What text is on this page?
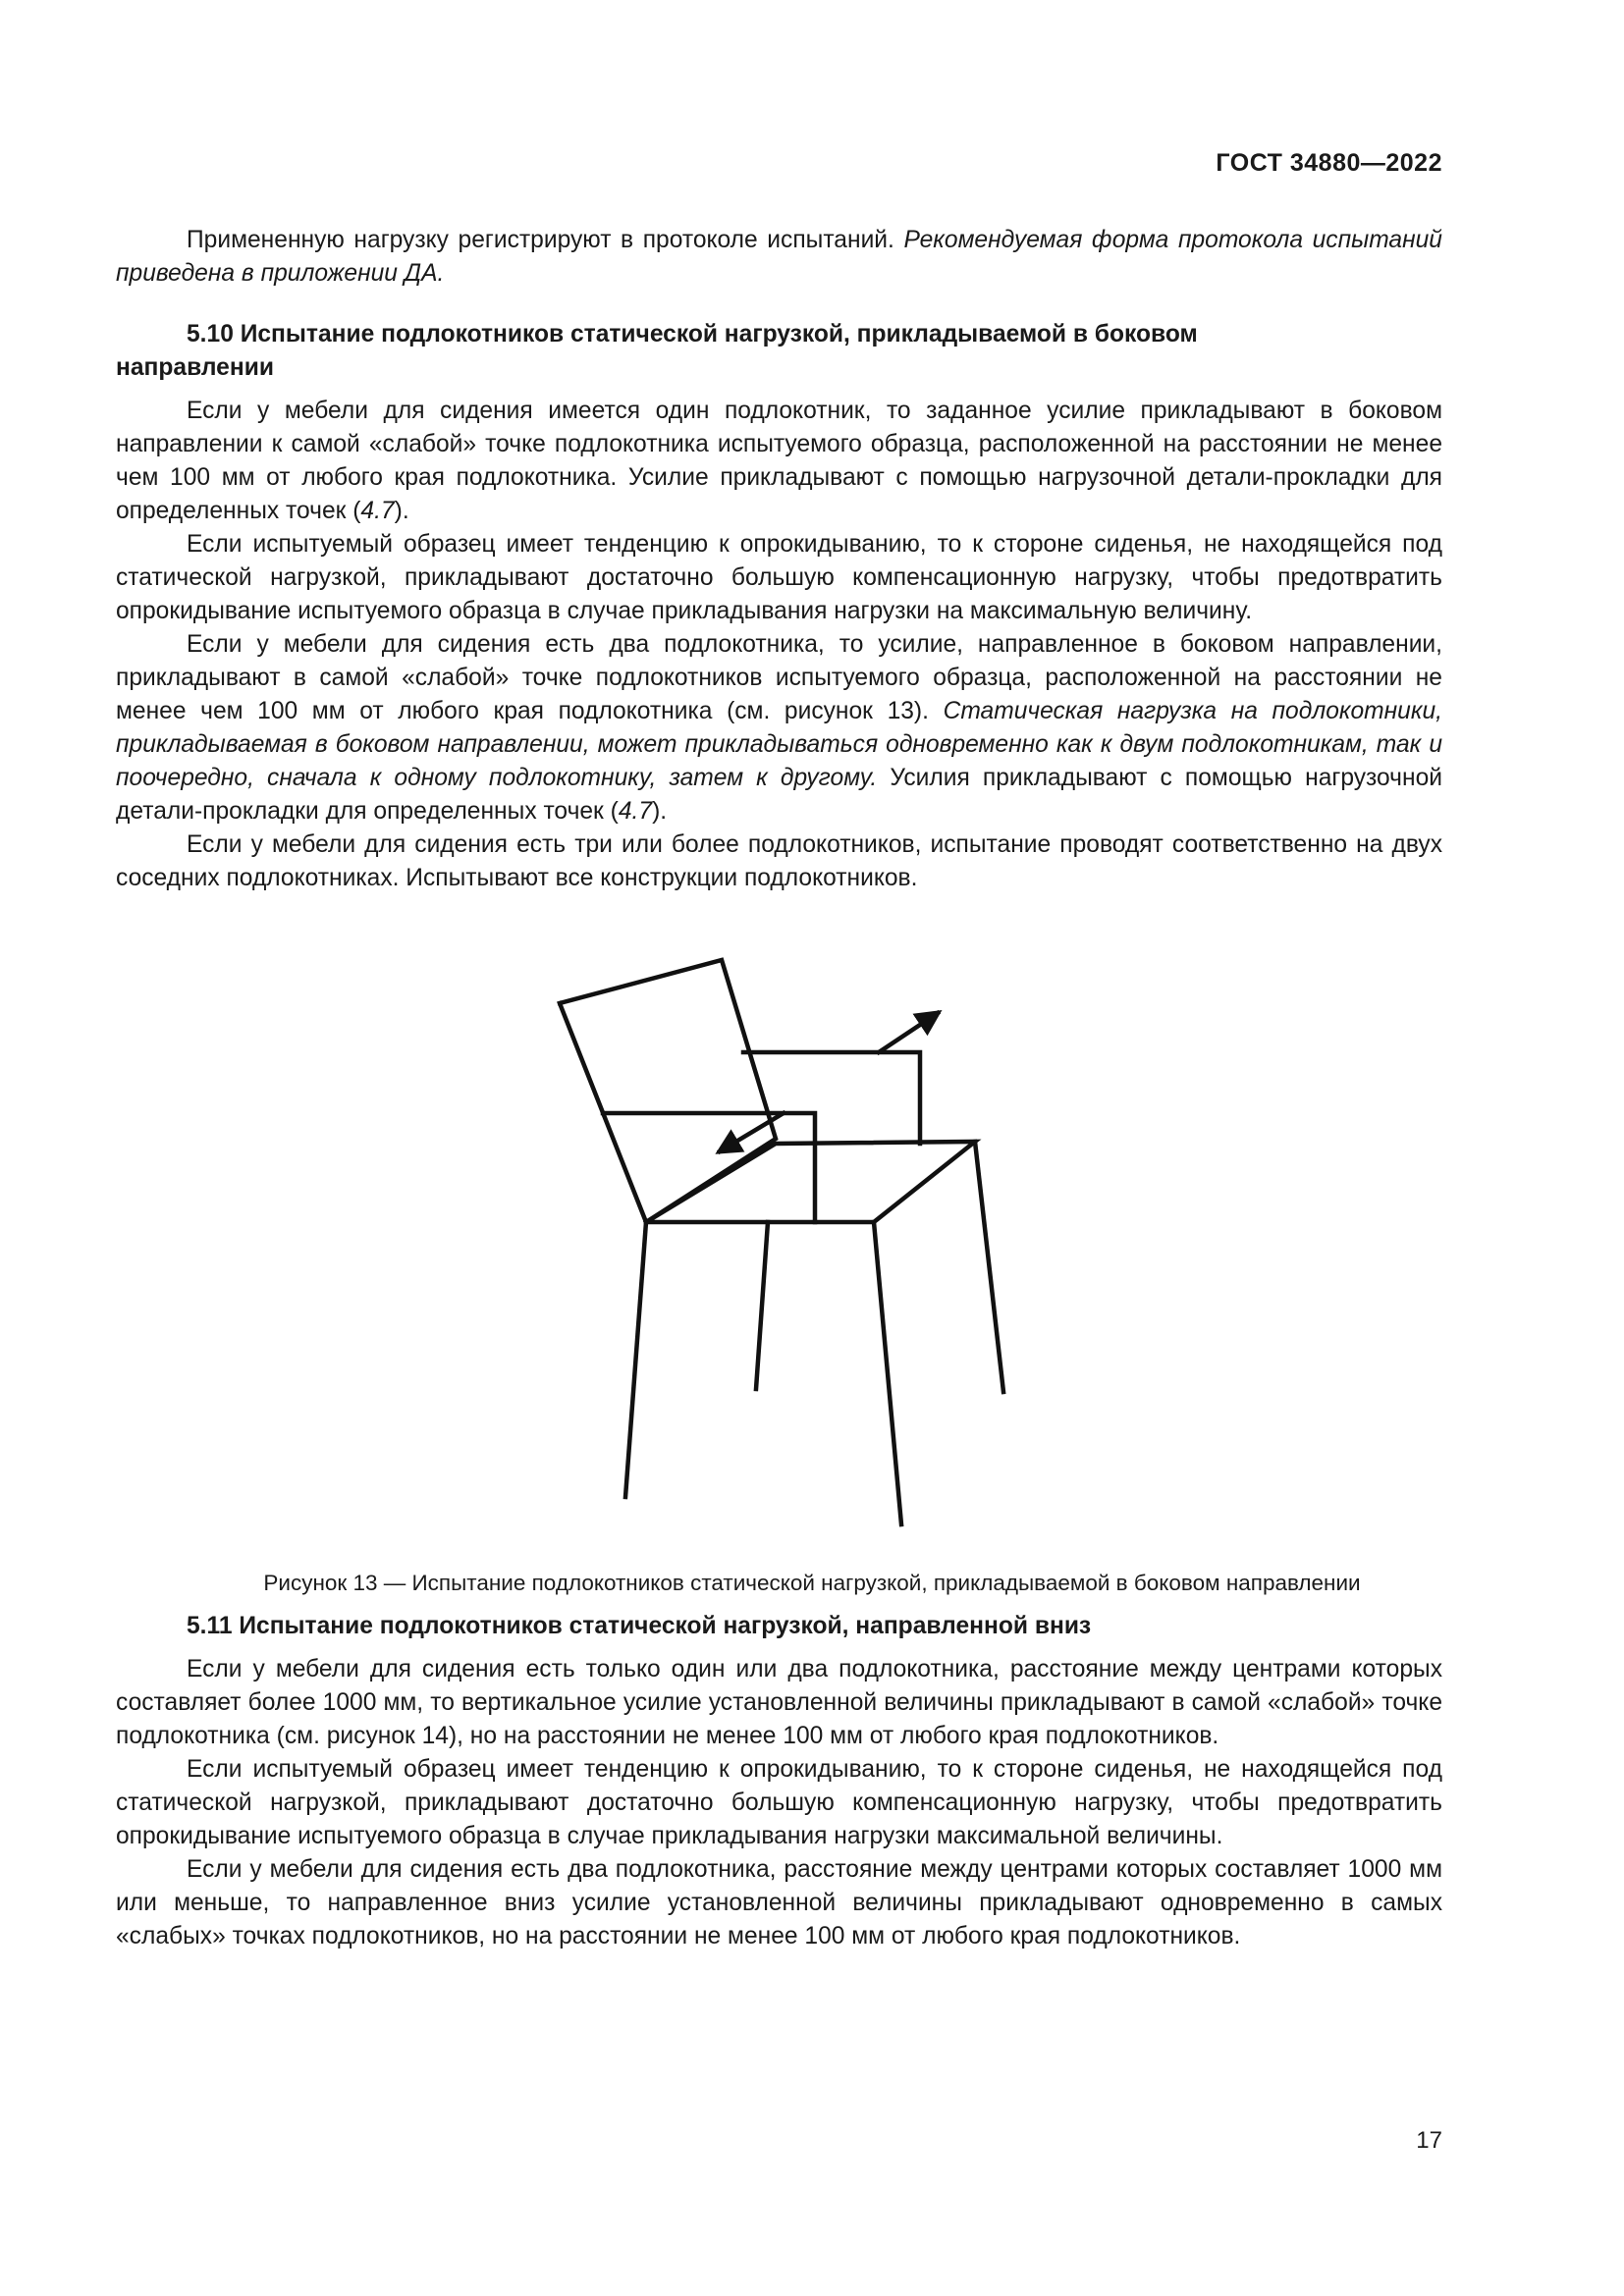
ГОСТ 34880—2022

Примененную нагрузку регистрируют в протоколе испытаний. Рекомендуемая форма протокола испытаний приведена в приложении ДА.

5.10 Испытание подлокотников статической нагрузкой, прикладываемой в боковом направлении

Если у мебели для сидения имеется один подлокотник, то заданное усилие прикладывают в боковом направлении к самой «слабой» точке подлокотника испытуемого образца, расположенной на расстоянии не менее чем 100 мм от любого края подлокотника. Усилие прикладывают с помощью нагрузочной детали-прокладки для определенных точек (4.7).

Если испытуемый образец имеет тенденцию к опрокидыванию, то к стороне сиденья, не находящейся под статической нагрузкой, прикладывают достаточно большую компенсационную нагрузку, чтобы предотвратить опрокидывание испытуемого образца в случае прикладывания нагрузки на максимальную величину.

Если у мебели для сидения есть два подлокотника, то усилие, направленное в боковом направлении, прикладывают в самой «слабой» точке подлокотников испытуемого образца, расположенной на расстоянии не менее чем 100 мм от любого края подлокотника (см. рисунок 13). Статическая нагрузка на подлокотники, прикладываемая в боковом направлении, может прикладываться одновременно как к двум подлокотникам, так и поочередно, сначала к одному подлокотнику, затем к другому. Усилия прикладывают с помощью нагрузочной детали-прокладки для определенных точек (4.7).

Если у мебели для сидения есть три или более подлокотников, испытание проводят соответственно на двух соседних подлокотниках. Испытывают все конструкции подлокотников.

Рисунок 13 — Испытание подлокотников статической нагрузкой, прикладываемой в боковом направлении

5.11 Испытание подлокотников статической нагрузкой, направленной вниз

Если у мебели для сидения есть только один или два подлокотника, расстояние между центрами которых составляет более 1000 мм, то вертикальное усилие установленной величины прикладывают в самой «слабой» точке подлокотника (см. рисунок 14), но на расстоянии не менее 100 мм от любого края подлокотников.

Если испытуемый образец имеет тенденцию к опрокидыванию, то к стороне сиденья, не находящейся под статической нагрузкой, прикладывают достаточно большую компенсационную нагрузку, чтобы предотвратить опрокидывание испытуемого образца в случае прикладывания нагрузки максимальной величины.

Если у мебели для сидения есть два подлокотника, расстояние между центрами которых составляет 1000 мм или меньше, то направленное вниз усилие установленной величины прикладывают одновременно в самых «слабых» точках подлокотников, но на расстоянии не менее 100 мм от любого края подлокотников.

17
